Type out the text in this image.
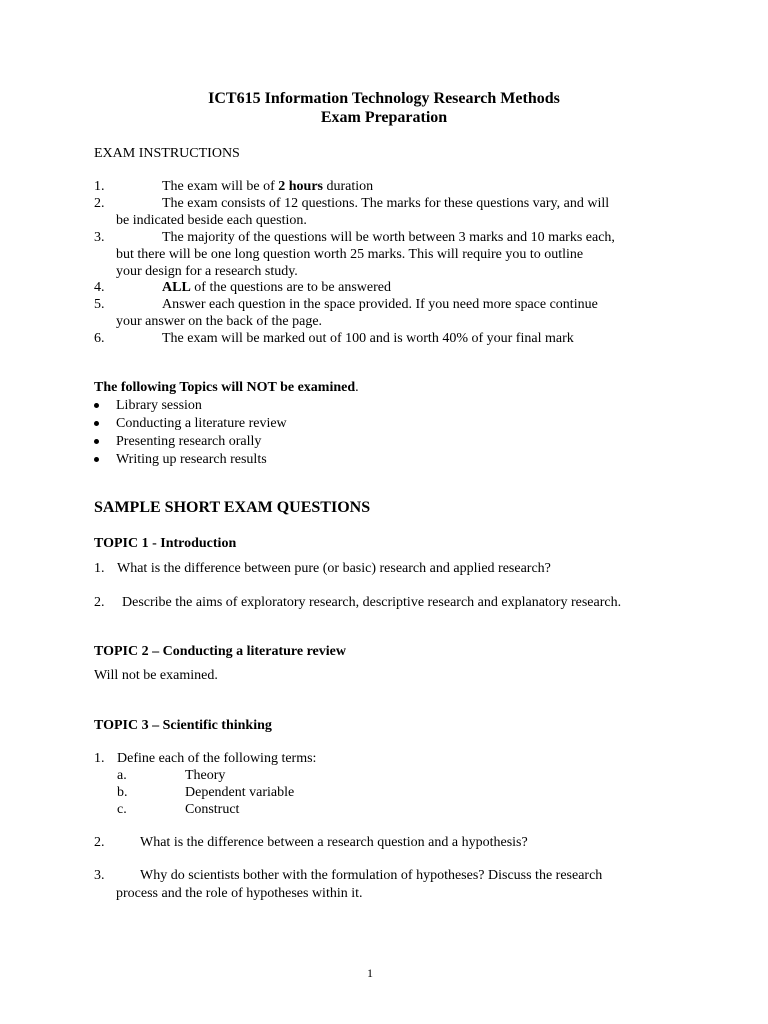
ICT615 Information Technology Research Methods
Exam Preparation
EXAM INSTRUCTIONS
1.	The exam will be of 2 hours duration
2.	The exam consists of 12 questions. The marks for these questions vary, and will
be indicated beside each question.
3.	The majority of the questions will be worth between 3 marks and 10 marks each,
but there will be one long question worth 25 marks. This will require you to outline
your design for a research study.
4.	ALL of the questions are to be answered
5.	Answer each question in the space provided. If you need more space continue
your answer on the back of the page.
6.	The exam will be marked out of 100 and is worth 40% of your final mark
The following Topics will NOT be examined.
Library session
Conducting a literature review
Presenting research orally
Writing up research results
SAMPLE SHORT EXAM QUESTIONS
TOPIC 1 - Introduction
1. What is the difference between pure (or basic) research and applied research?
2. Describe the aims of exploratory research, descriptive research and explanatory research.
TOPIC 2 – Conducting a literature review
Will not be examined.
TOPIC 3 – Scientific thinking
1. Define each of the following terms:
a.	Theory
b.	Dependent variable
c.	Construct
2.	What is the difference between a research question and a hypothesis?
3.	Why do scientists bother with the formulation of hypotheses? Discuss the research
process and the role of hypotheses within it.
1
